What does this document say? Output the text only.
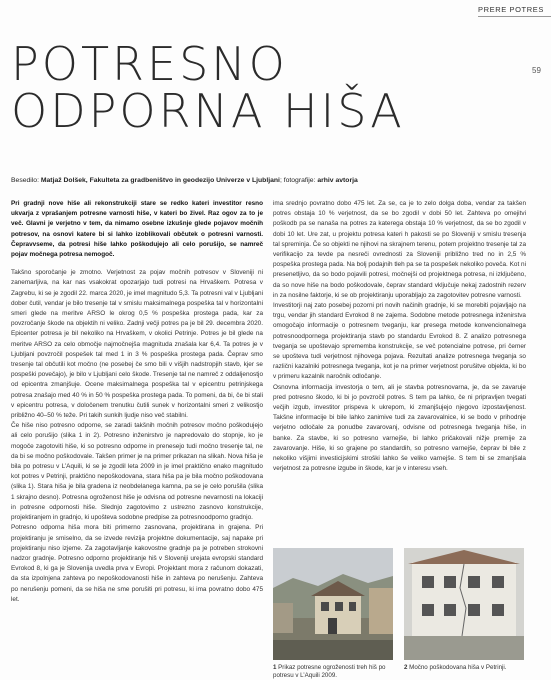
PRERE POTRES
59
POTRESNO
ODPORNA HIŠA
Besedilo: Matjaž Dolšek, Fakulteta za gradbeništvo in geodezijo Univerze v Ljubljani; fotografije: arhiv avtorja

Pri gradnji nove hiše ali rekonstrukciji stare se redko kateri investitor resno ukvarja z vprašanjem potresne varnosti hiše, v kateri bo živel. Raz ogov za to je več. Glavni je verjetno v tem, da nimamo osebne izkušnje glede pojavov močnih potresov, na osnovi katere bi si lahko izoblikovali občutek o potresni varnosti. Čepravvseme, da potresi hiše lahko poškodujejo ali celo porušijo, se namreč pojav močnega potresa nemogoč.

Takšno sporočanje je zmotno. Verjetnost za pojav močnih potresov v Sloveniji ni zanemarljiva, na kar nas vsakokrat opozarjajo tudi potresi na Hrvaškem. Potresa v Zagrebu, ki se je zgodil 22. marca 2020, je imel magnitudo 5,3. Ta potresni val v Ljubljani dober čutil, vendar je bilo tresenje tal v smislu maksimalnega pospeška tal v horizontalni smeri glede na meritve ARSO le okrog 0,5 % pospeška prostega pada, kar za povzročanje škode na objektih ni veliko. Zadnji večji potres pa je bil 29. decembra 2020. Epicenter potresa je bil nekoliko na Hrvaškem, v okolici Petrinje. Potres je bil glede na meritve ARSO za celo območje najmočnejša magnituda znašala kar 6,4. Ta potres je v Ljubljani povzročil pospešek tal med 1 in 3 % pospeška prostega pada. Čeprav smo tresenje tal občutili kot močno (ne posebej če smo bili v višjih nadstropjih stavb, kjer se pospeški povečajo), je bilo v Ljubljani celo škode. Tresenje tal ne namreč z oddaljenostjo od epicentra zmanjšuje. Ocene maksimalnega pospeška tal v epicentru petrinjskega potresa znašajo med 40 % in 50 % pospeška prostega pada. To pomeni, da bi, če bi stali v epicentru potresa, v določenem trenutku čutili sunek v horizontalni smeri z velikostjo približno 40–50 % teže. Pri takih sunkih ljudje niso več stabilni.

Če hiše niso potresno odporne, se zaradi takšnih močnih potresov močno poškodujejo ali celo porušijo (slika 1 in 2). Potresno inženirstvo je napredovalo do stopnje, ko je mogoče zagotoviti hiše, ki so potresno odporne in prenesejo tudi močno tresenje tal, ne da bi se močno poškodovale. Takšen primer je na primer prikazan na slikah. Nova hiša je bila po potresu v L’Aquili, ki se je zgodil leta 2009 in je imel praktično enako magnitudo kot potres v Petrinji, praktično nepoškodovana, stara hiša pa je bila močno poškodovana (slika 1). Stara hiša je bila gradena iz neobdelanega kamna, pa se je celo porušila (slika 1 skrajno desno). Potresna ogroženost hiše je odvisna od potresne nevarnosti na lokaciji in potresne odpornosti hiše. Slednjo zagotovimo z ustrezno zasnovo konstrukcije, projektiranjem in gradnjo, ki upošteva sodobne predpise za potresnoodporno gradnjo.

Potresno odporna hiša mora biti primerno zasnovana, projektirana in grajena. Pri projektiranju je smiselno, da se izvede revizija projektne dokumentacije, saj napake pri projektiranju niso izjeme. Za zagotavljanje kakovostne gradnje pa je potreben strokovni nadzor gradnje. Potresno odporno projektiranje hiš v Sloveniji urejata evropski standard Evrokod 8, ki ga je Slovenija uvedla prva v Evropi. Projektant mora z računom dokazati, da sta izpolnjena zahteva po nepoškodovanosti hiše in zahteva po nerušenju. Zahteva po nerušenju pomeni, da se hiša ne sme porušiti pri potresu, ki ima povratno dobo 475 let.

ima srednjo povratno dobo 475 let. Za se, ca je to zelo dolga doba, vendar za takšen potres obstaja 10 % verjetnost, da se bo zgodil v dobi 50 let. Zahteva po omejitvi poškodb pa se nanaša na potres za katerega obstaja 10 % verjetnost, da se bo zgodil v dobi 10 let. Ure zat, u projektu potresa kateri h pakosti se po Sloveniji v smislu tresenja tal spreminja. Če so objekti ne njihovi na skrajnem terenu, potem projektno tresenje tal za verifikacijo za tevde pa nesreči ovrednosti za Sloveniji približno tred no in 2,5 % pospeška prostega pada. Na bolj podajnih tleh pa se ta pospešek nekoliko poveča. Kot ni presenetljivo, da so bodo pojavili potresi, močnejši od projektnega potresa, ni izključeno, da so nove hiše na bodo poškodovale, čeprav standard vključuje nekaj zadostnih rezerv in za nosilne faktorje, ki se ob projektiranju uporabljajo za zagotovitev potresne varnosti.

Investitorji naj zato posebej pozorni pri novih načinih gradnje, ki se morebiti pojavljajo na trgu, vendar jih standard Evrokod 8 ne zajema. Sodobne metode potresnega inženirstva omogočajo informacije o potresnem tveganju, kar presega metode konvencionalnega potresnoodpornega projektiranja stavb po standardu Evrokod 8. Z analizo potresnega tveganja se upoštevajo sprememba konstrukcije, se več potencialne potrese, pri čemer se upošteva tudi verjetnost njihovega pojava. Rezultati analize potresnega tveganja so različni kazalniki potresnega tveganja, kot je na primer verjetnost porušitve objekta, ki bo v primeru kazalnik naročnik odločanje.

Osnovna informacija investorja o tem, ali je stavba potresnovarna, je, da se zavaruje pred potresno škodo, ki bi jo povzročil potres. S tem pa lahko, če ni pripravljen tvegati večjih izgub, investitor prispeva k ukrepom, ki zmanjšujejo njegovo izpostavljenost. Takšne informacije bi bile lahko zanimive tudi za zavarovalnice, ki se bodo v prihodnje verjetno odločale za ponudbe zavarovanj, odvisne od potresnega tveganja hiše, in banke. Za stavbe, ki so potresno varnejše, bi lahko pričakovali nižje premije za zavarovanje. Hiše, ki so grajene po standardih, so potresno varnejše, čeprav bi bile z nekoliko višjimi investicijskimi stroški lahko še veliko varnejše. S tem bi se zmanjšala verjetnost za potresne izgube in škode, kar je v interesu vseh.

1 Prikaz potresne ogroženosti treh hiš po potresu v L’Aquili 2009.
2 Močno poškodovana hiša v Petrinji.
